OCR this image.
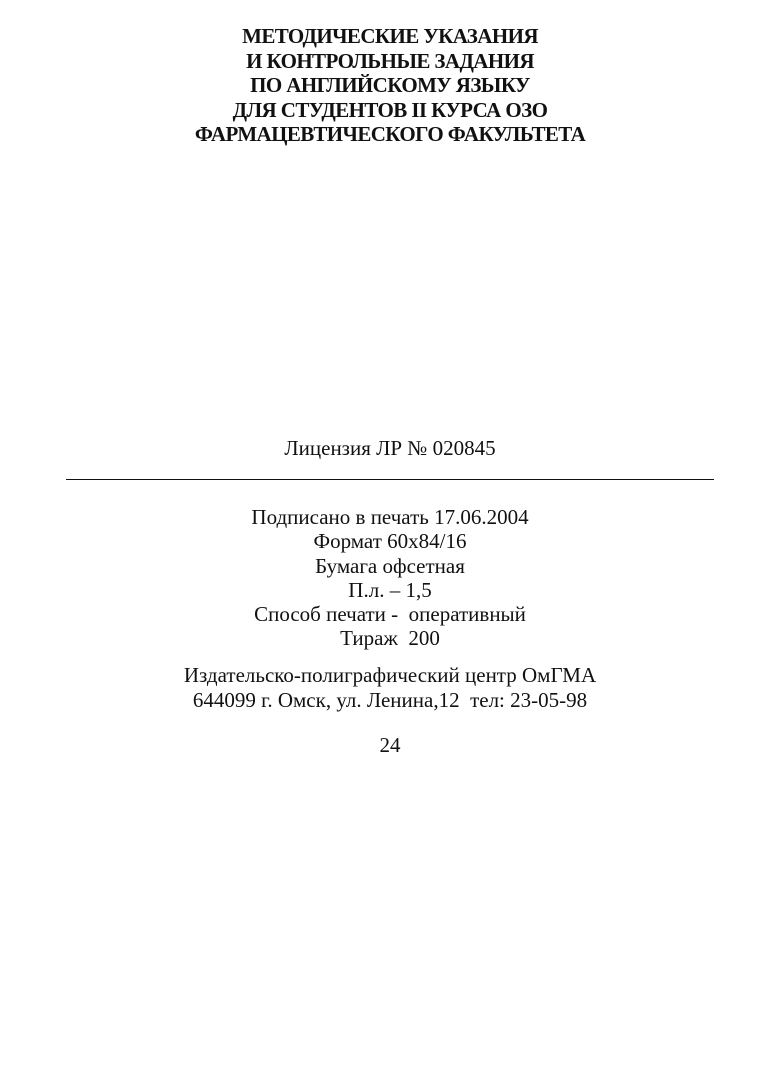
МЕТОДИЧЕСКИЕ УКАЗАНИЯ
И КОНТРОЛЬНЫЕ ЗАДАНИЯ
ПО АНГЛИЙСКОМУ ЯЗЫКУ
ДЛЯ СТУДЕНТОВ II КУРСА ОЗО
ФАРМАЦЕВТИЧЕСКОГО ФАКУЛЬТЕТА
Лицензия ЛР № 020845
Подписано в печать 17.06.2004
Формат 60х84/16
Бумага офсетная
П.л. – 1,5
Способ печати -  оперативный
Тираж  200
Издательско-полиграфический центр ОмГМА
644099 г. Омск, ул. Ленина,12  тел: 23-05-98
24
